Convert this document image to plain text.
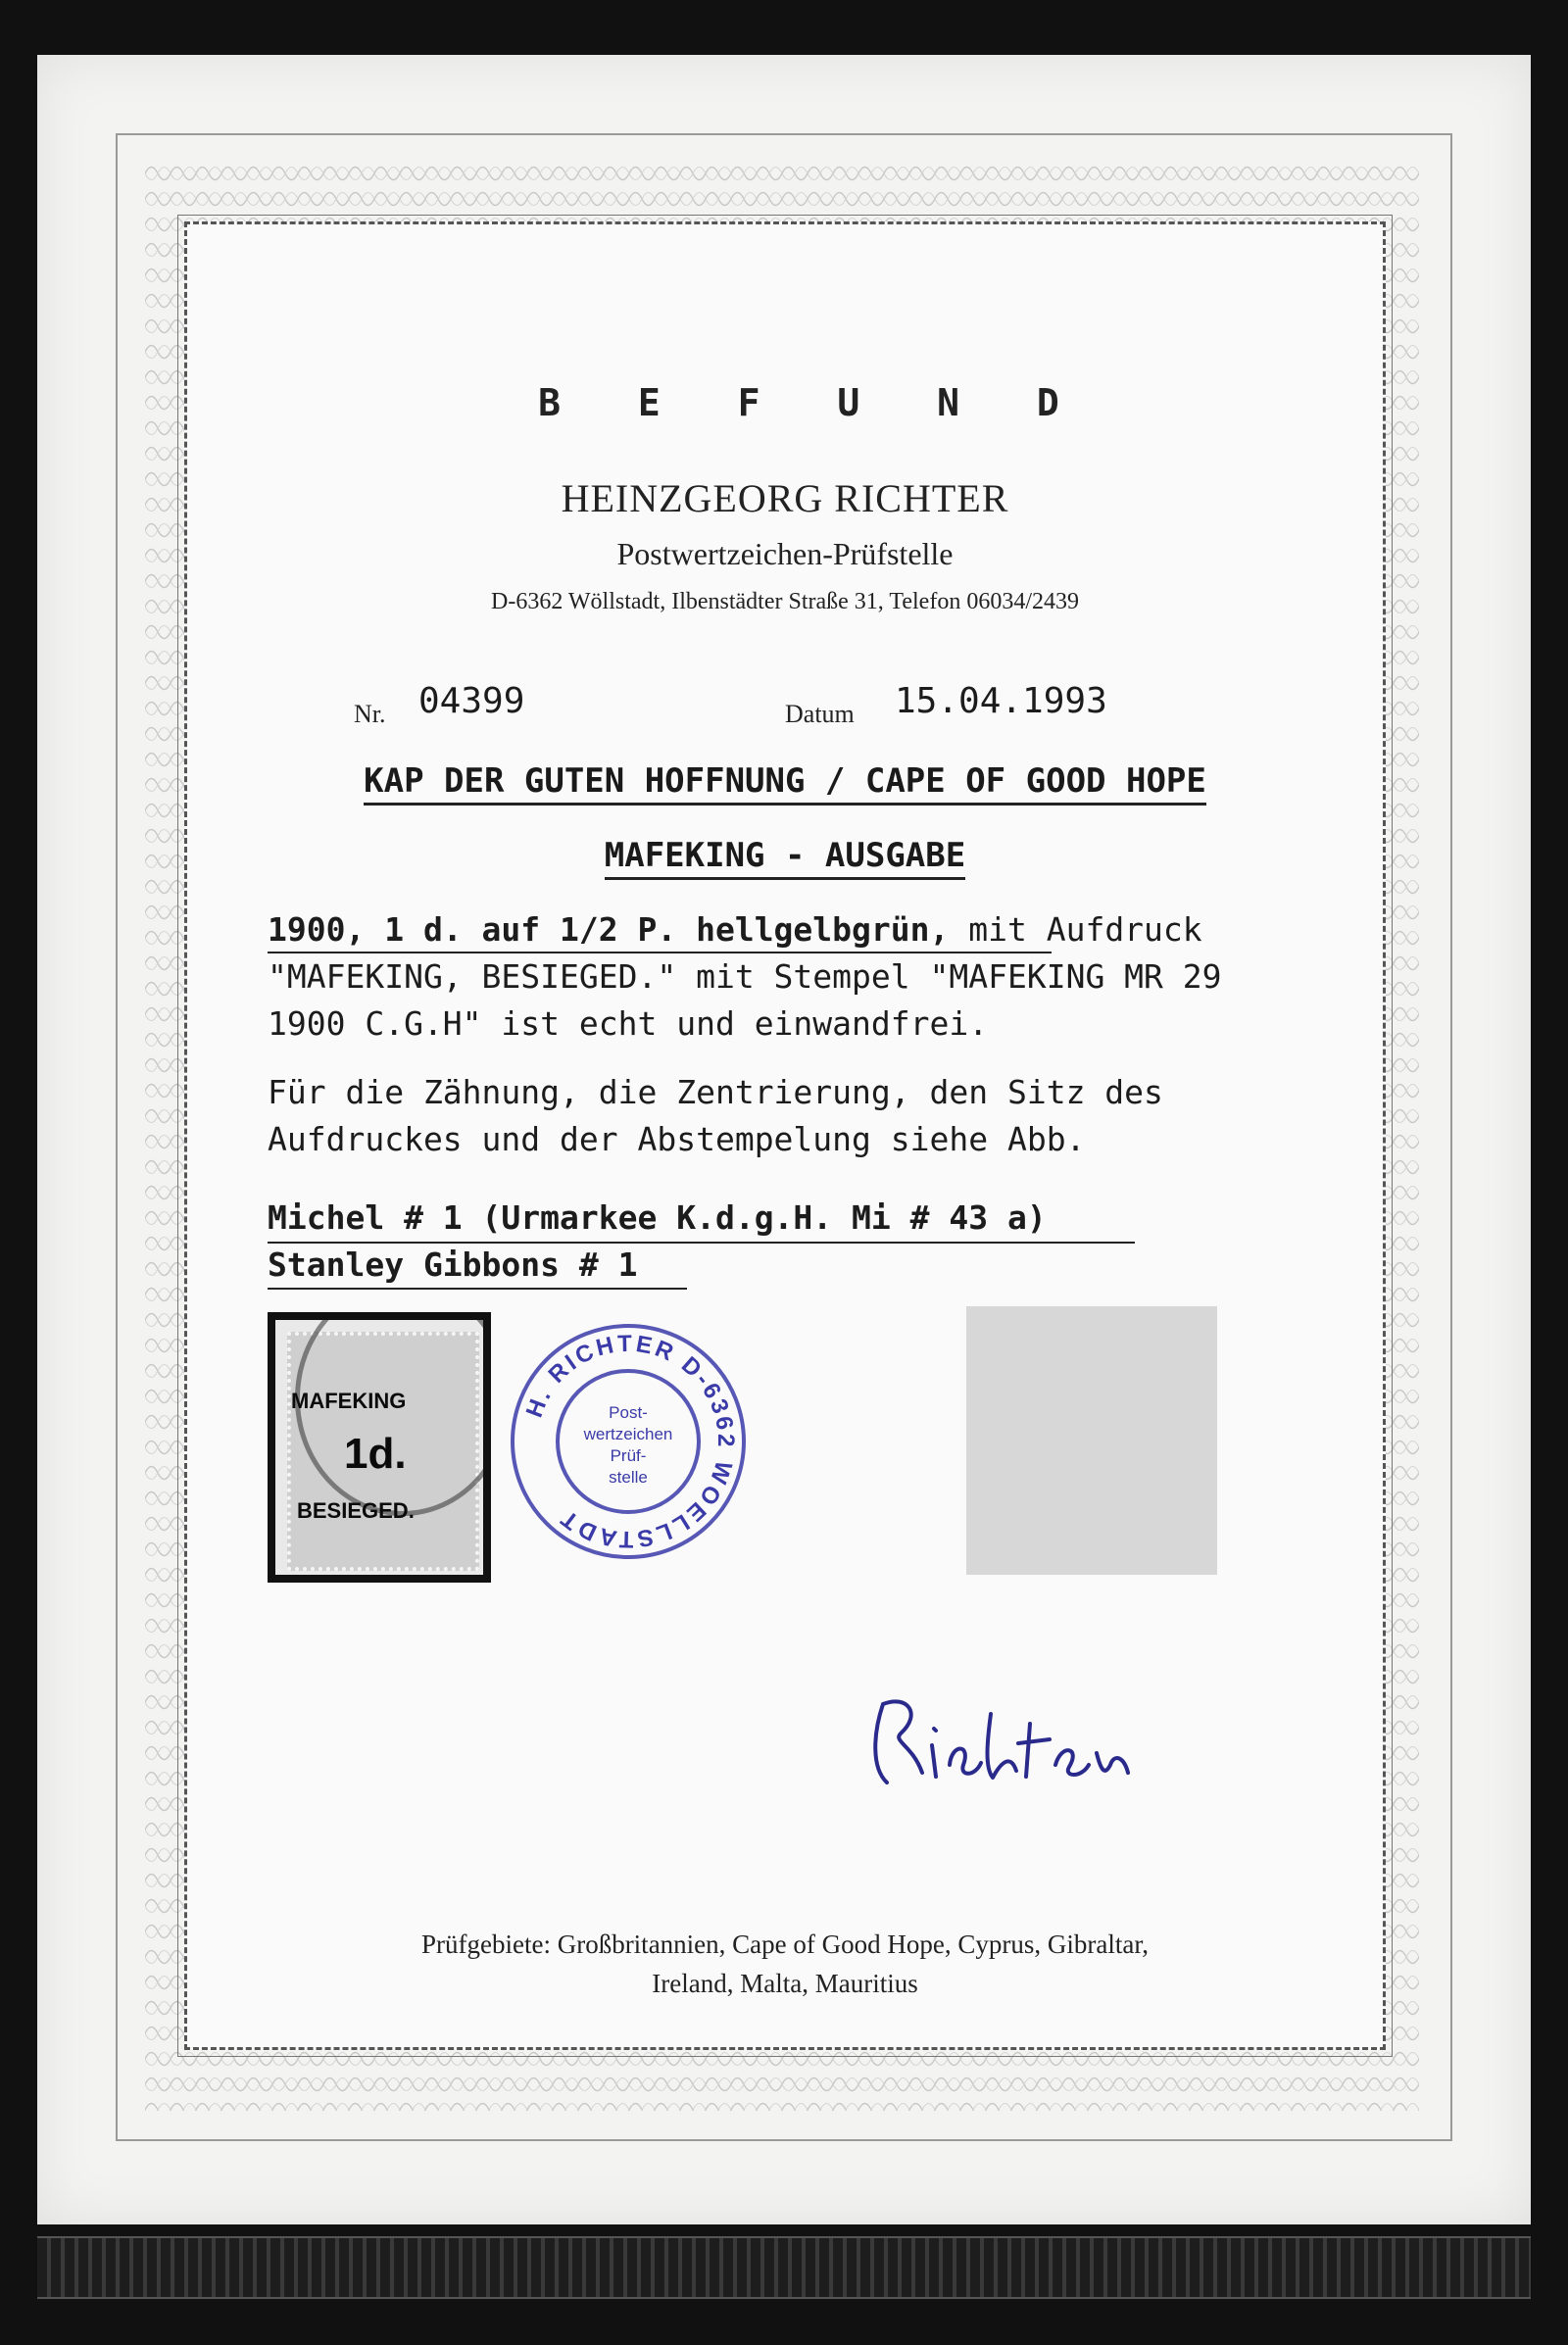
B E F U N D
HEINZGEORG RICHTER
Postwertzeichen-Prüfstelle
D-6362 Wöllstadt, Ilbenstädter Straße 31, Telefon 06034/2439
Nr. 04399	Datum 15.04.1993
KAP DER GUTEN HOFFNUNG / CAPE OF GOOD HOPE
MAFEKING - AUSGABE
1900, 1 d. auf 1/2 P. hellgelbgrün, mit Aufdruck
"MAFEKING, BESIEGED." mit Stempel "MAFEKING MR 29
1900 C.G.H" ist echt und einwandfrei.
Für die Zähnung, die Zentrierung, den Sitz des
Aufdruckes und der Abstempelung siehe Abb.
Michel # 1 (Urmarkee K.d.g.H. Mi # 43 a)
Stanley Gibbons # 1
MAFEKING
1d.
BESIEGED.
H. RICHTER D-6362 WOELLSTADT
Post-
wertzeichen
Prüf-
stelle
Prüfgebiete: Großbritannien, Cape of Good Hope, Cyprus, Gibraltar,
Ireland, Malta, Mauritius
